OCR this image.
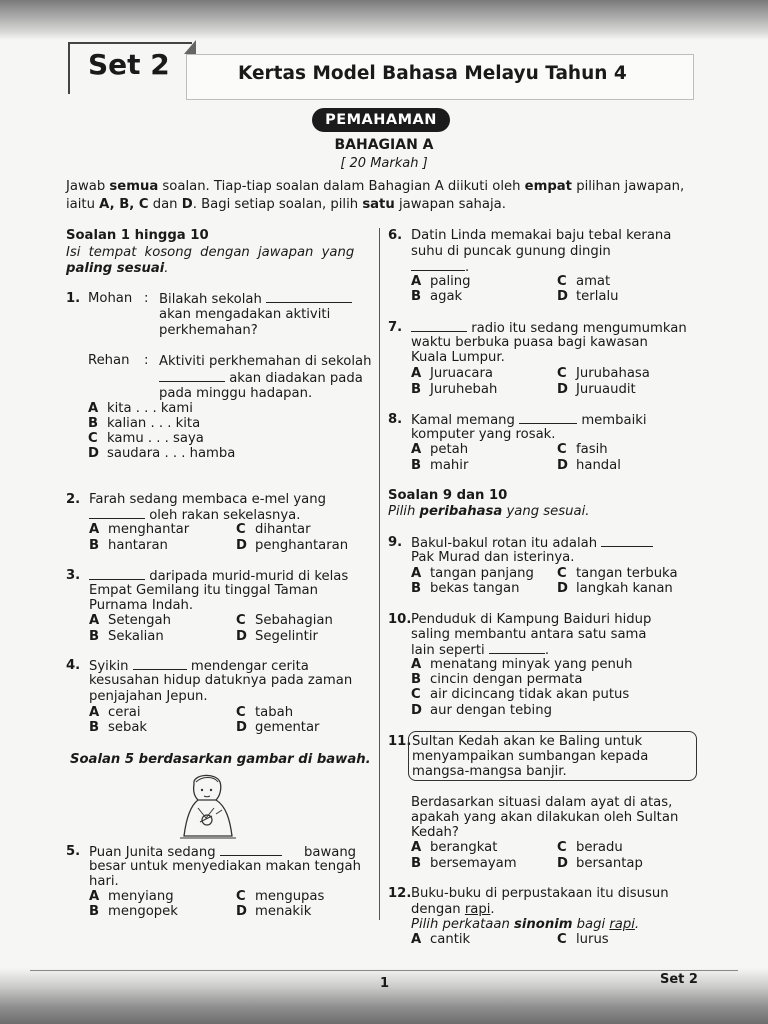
Set 2	Kertas Model Bahasa Melayu Tahun 4
PEMAHAMAN
BAHAGIAN A
[ 20 Markah ]
Jawab semua soalan. Tiap-tiap soalan dalam Bahagian A diikuti oleh empat pilihan jawapan,
iaitu A, B, C dan D. Bagi setiap soalan, pilih satu jawapan sahaja.
Soalan 1 hingga 10
Isi tempat kosong dengan jawapan yang
paling sesuai.
1. Mohan : Bilakah sekolah
akan mengadakan aktiviti
perkhemahan?
Rehan : Aktiviti perkhemahan di sekolah
akan diadakan pada
pada minggu hadapan.
A kita . . . kami
B kalian . . . kita
C kamu . . . saya
D saudara . . . hamba
2. Farah sedang membaca e-mel yang
oleh rakan sekelasnya.
A menghantar
B hantaran
C dihantar
D penghantaran
3.	daripada murid-murid di kelas
Empat Gemilang itu tinggal Taman
Purnama Indah.
A Setengah
B Sekalian
C Sebahagian
D Segelintir
4. Syikin	mendengar cerita
kesusahan hidup datuknya pada zaman
penjajahan Jepun.
A cerai
B sebak
C tabah
D gementar
Soalan 5 berdasarkan gambar di bawah.
5. Puan Junita sedang	bawang
besar untuk menyediakan makan tengah
hari.
A menyiang
B mengopek
C mengupas
D menakik
6. Datin Linda memakai baju tebal kerana
suhu di puncak gunung dingin
.
A paling
B agak
C amat
D terlalu
7.	radio itu sedang mengumumkan
waktu berbuka puasa bagi kawasan
Kuala Lumpur.
A Juruacara
B Juruhebah
C Jurubahasa
D Juruaudit
8. Kamal memang	membaiki
komputer yang rosak.
A petah
B mahir
C fasih
D handal
Soalan 9 dan 10
Pilih peribahasa yang sesuai.
9. Bakul-bakul rotan itu adalah
Pak Murad dan isterinya.
A tangan panjang
B bekas tangan
C tangan terbuka
D langkah kanan
10. Penduduk di Kampung Baiduri hidup
saling membantu antara satu sama
lain seperti	.
A menatang minyak yang penuh
B cincin dengan permata
C air dicincang tidak akan putus
D aur dengan tebing
11. Sultan Kedah akan ke Baling untuk
menyampaikan sumbangan kepada
mangsa-mangsa banjir.
Berdasarkan situasi dalam ayat di atas,
apakah yang akan dilakukan oleh Sultan
Kedah?
A berangkat
B bersemayam
C beradu
D bersantap
12. Buku-buku di perpustakaan itu disusun
dengan rapi.
Pilih perkataan sinonim bagi rapi.
A cantik	C lurus
1	Set 2
